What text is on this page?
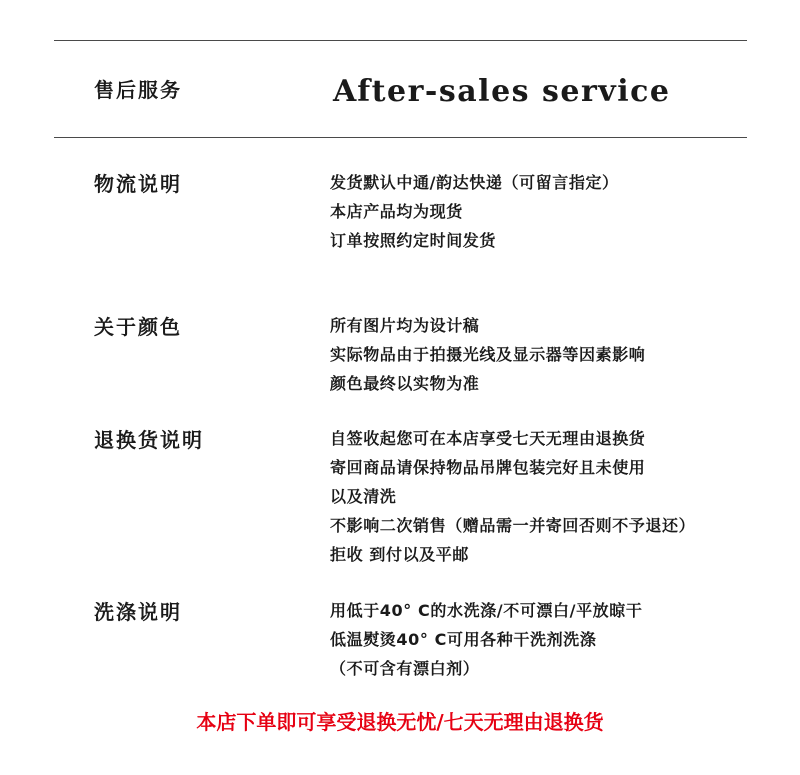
售后服务	After-sales service
物流说明	发货默认中通/韵达快递（可留言指定）
本店产品均为现货
订单按照约定时间发货
关于颜色	所有图片均为设计稿
实际物品由于拍摄光线及显示器等因素影响
颜色最终以实物为准
退换货说明	自签收起您可在本店享受七天无理由退换货
寄回商品请保持物品吊牌包装完好且未使用
以及清洗
不影响二次销售（赠品需一并寄回否则不予退还）
拒收 到付以及平邮
洗涤说明	用低于40° C的水洗涤/不可漂白/平放晾干
低温熨烫40° C可用各种干洗剂洗涤
（不可含有漂白剂）
本店下单即可享受退换无忧/七天无理由退换货
